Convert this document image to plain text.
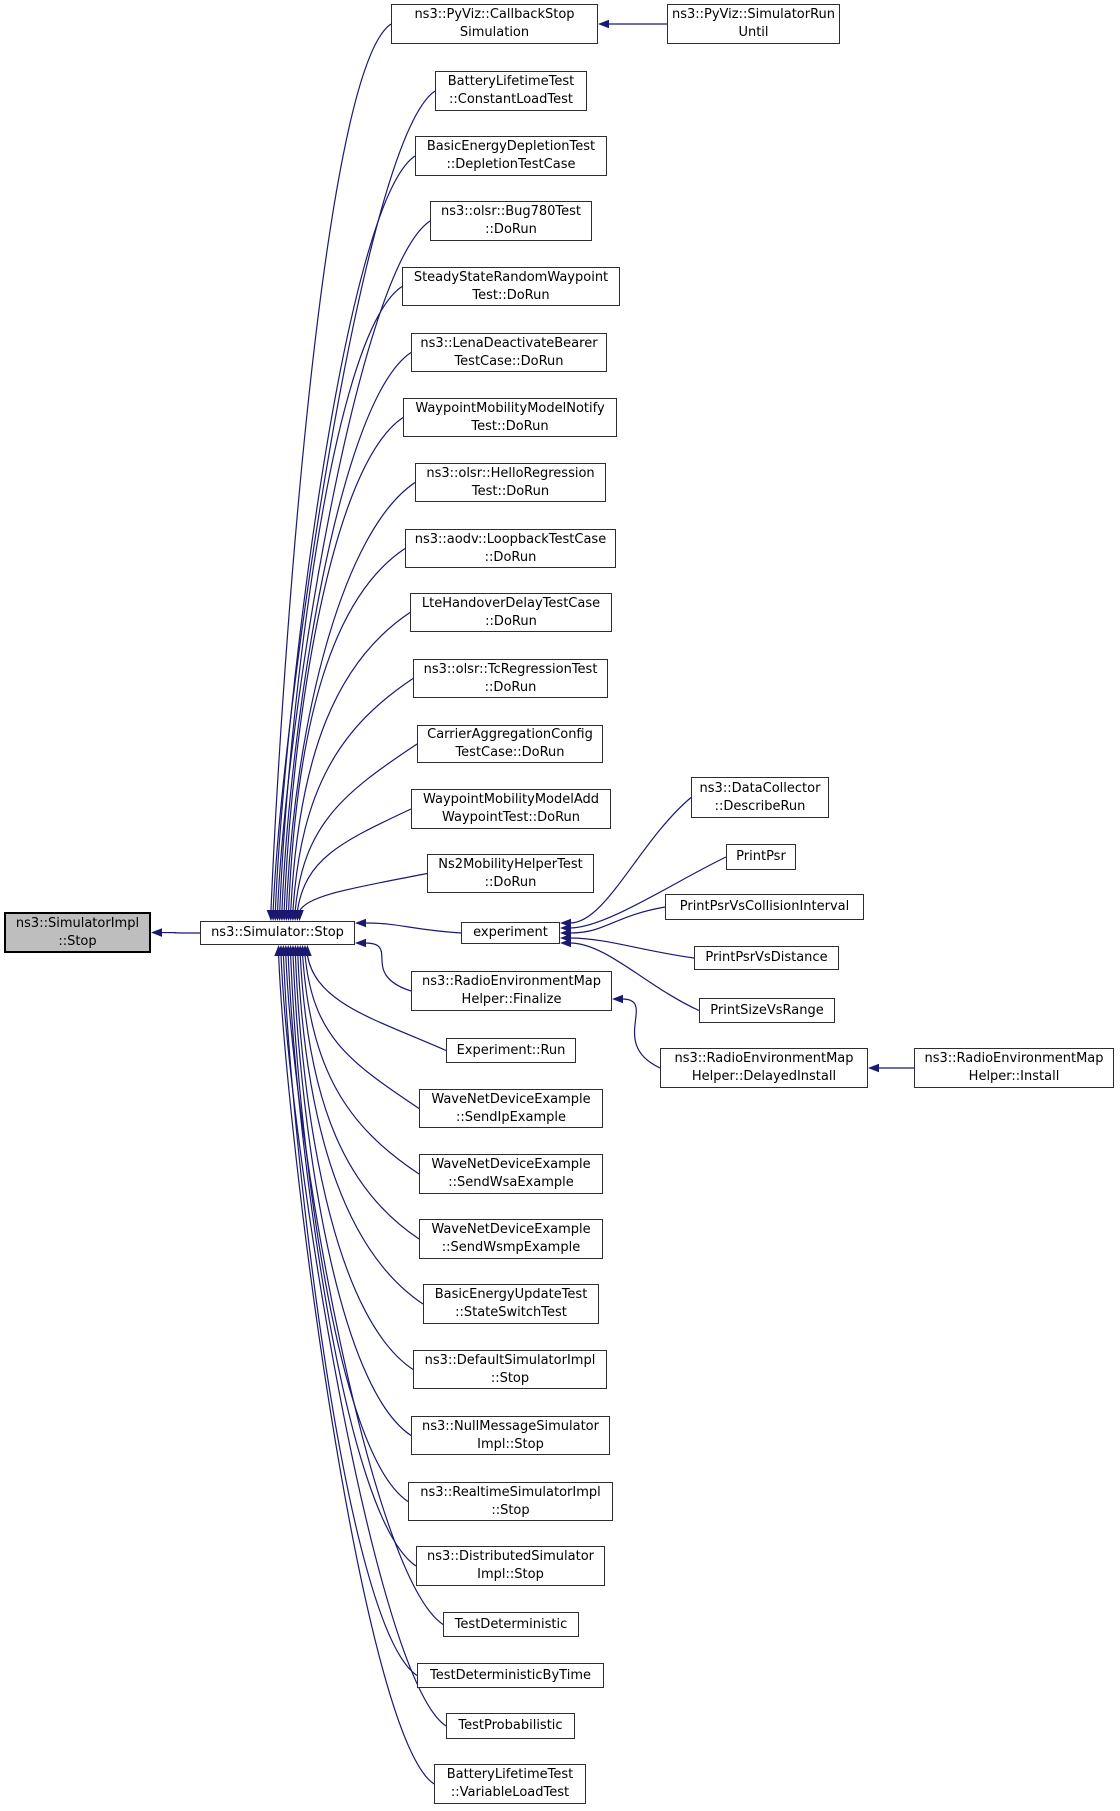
ns3::SimulatorImpl
::Stop
ns3::Simulator::Stop
ns3::PyViz::CallbackStop
Simulation
ns3::PyViz::SimulatorRun
Until
BatteryLifetimeTest
::ConstantLoadTest
BasicEnergyDepletionTest
::DepletionTestCase
ns3::olsr::Bug780Test
::DoRun
SteadyStateRandomWaypoint
Test::DoRun
ns3::LenaDeactivateBearer
TestCase::DoRun
WaypointMobilityModelNotify
Test::DoRun
ns3::olsr::HelloRegression
Test::DoRun
ns3::aodv::LoopbackTestCase
::DoRun
LteHandoverDelayTestCase
::DoRun
ns3::olsr::TcRegressionTest
::DoRun
CarrierAggregationConfig
TestCase::DoRun
WaypointMobilityModelAdd
WaypointTest::DoRun
Ns2MobilityHelperTest
::DoRun
experiment
ns3::RadioEnvironmentMap
Helper::Finalize
Experiment::Run
WaveNetDeviceExample
::SendIpExample
WaveNetDeviceExample
::SendWsaExample
WaveNetDeviceExample
::SendWsmpExample
BasicEnergyUpdateTest
::StateSwitchTest
ns3::DefaultSimulatorImpl
::Stop
ns3::NullMessageSimulator
Impl::Stop
ns3::RealtimeSimulatorImpl
::Stop
ns3::DistributedSimulator
Impl::Stop
TestDeterministic
TestDeterministicByTime
TestProbabilistic
BatteryLifetimeTest
::VariableLoadTest
ns3::DataCollector
::DescribeRun
PrintPsr
PrintPsrVsCollisionInterval
PrintPsrVsDistance
PrintSizeVsRange
ns3::RadioEnvironmentMap
Helper::DelayedInstall
ns3::RadioEnvironmentMap
Helper::Install
